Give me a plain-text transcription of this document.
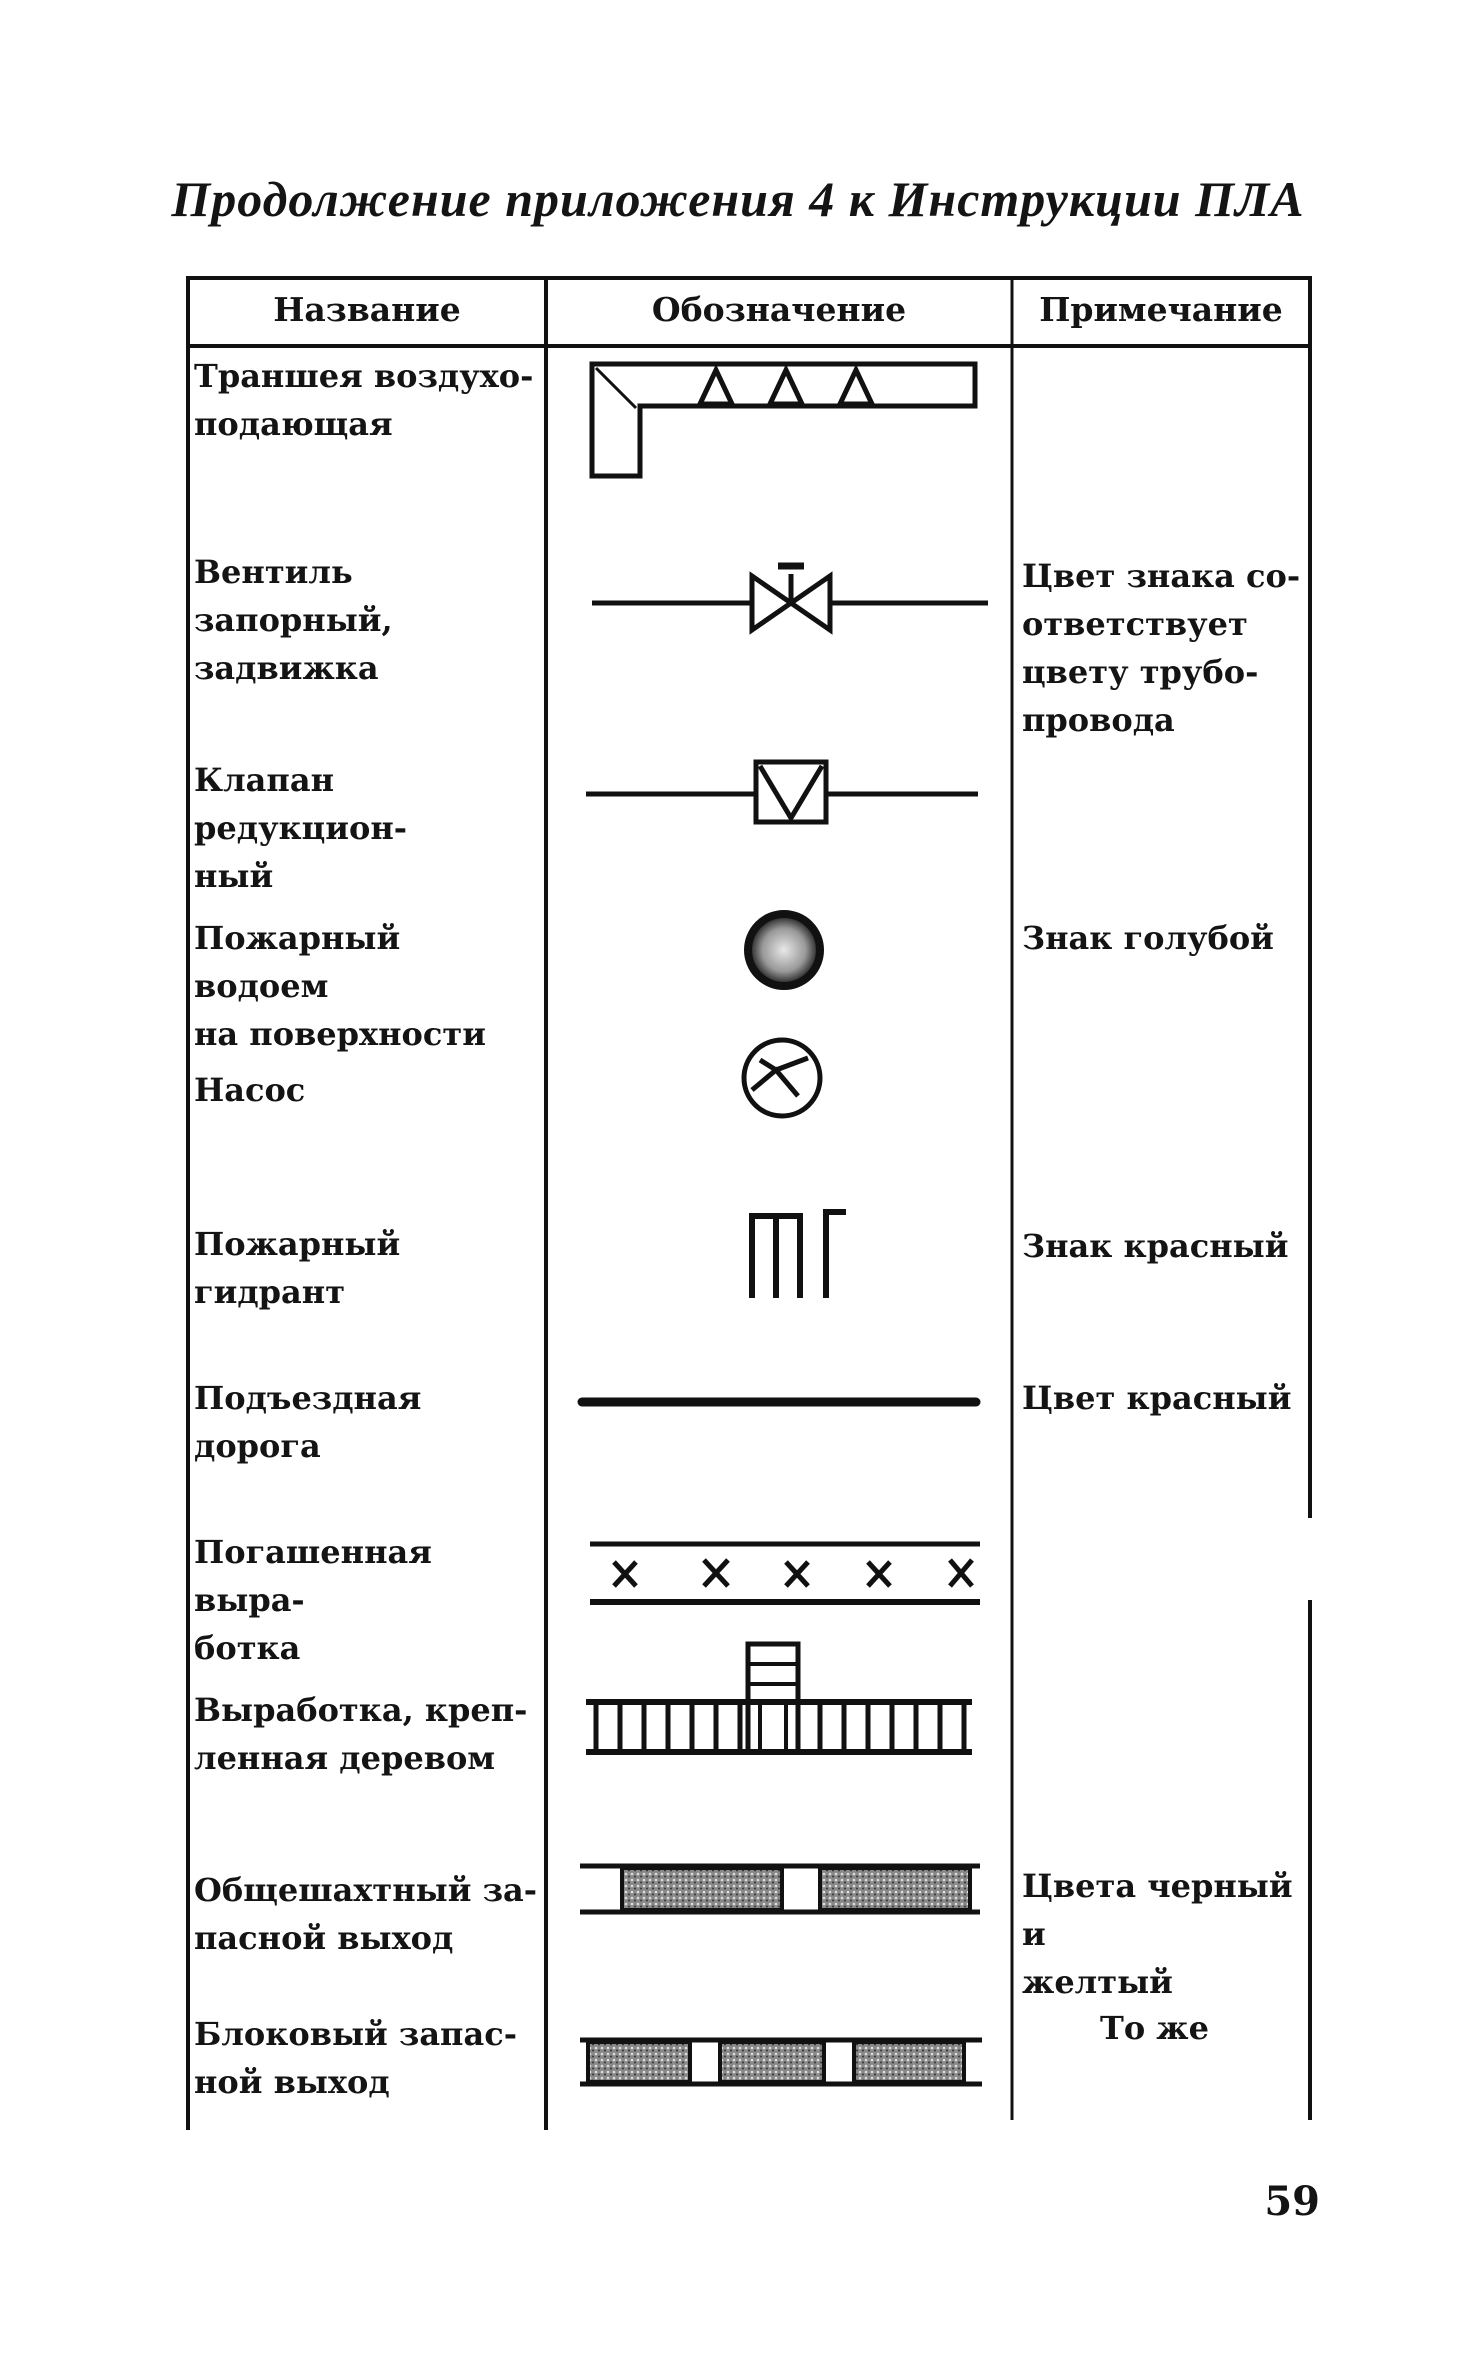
Продолжение приложения 4 к Инструкции ПЛА
Название	Обозначение	Примечание
Траншея воздухо-
подающая
Вентиль запорный,
задвижка
Клапан редукцион-
ный
Пожарный водоем
на поверхности
Насос
Пожарный гидрант
Подъездная дорога
Погашенная выра-
ботка
Выработка, креп-
ленная деревом
Общешахтный за-
пасной выход
Блоковый запас-
ной выход
Цвет знака со-
ответствует
цвету трубо-
провода
Знак голубой
Знак красный
Цвет красный
Цвета черный и
желтый
То же
59
